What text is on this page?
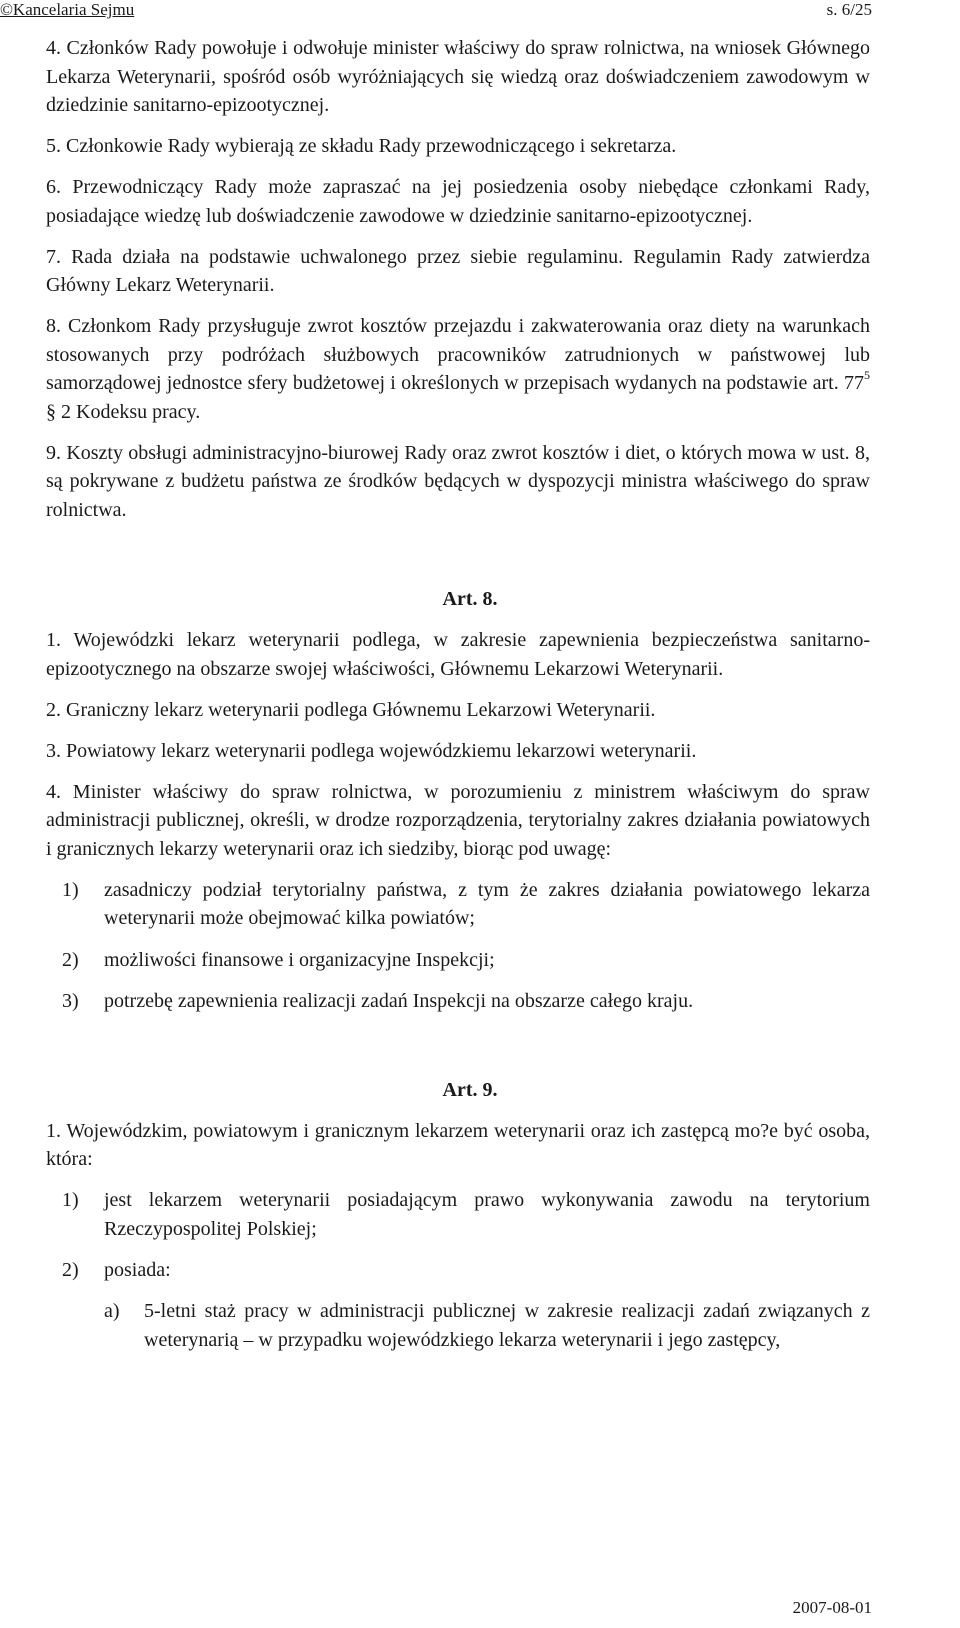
©Kancelaria Sejmu	s. 6/25

4. Członków Rady powołuje i odwołuje minister właściwy do spraw rolnictwa, na wniosek Głównego Lekarza Weterynarii, spośród osób wyróżniających się wiedzą oraz doświadczeniem zawodowym w dziedzinie sanitarno-epizootycznej.

5. Członkowie Rady wybierają ze składu Rady przewodniczącego i sekretarza.

6. Przewodniczący Rady może zapraszać na jej posiedzenia osoby niebędące członkami Rady, posiadające wiedzę lub doświadczenie zawodowe w dziedzinie sanitarno-epizootycznej.

7. Rada działa na podstawie uchwalonego przez siebie regulaminu. Regulamin Rady zatwierdza Główny Lekarz Weterynarii.

8. Członkom Rady przysługuje zwrot kosztów przejazdu i zakwaterowania oraz diety na warunkach stosowanych przy podróżach służbowych pracowników zatrudnionych w państwowej lub samorządowej jednostce sfery budżetowej i określonych w przepisach wydanych na podstawie art. $77^5$ § 2 Kodeksu pracy.

9. Koszty obsługi administracyjno-biurowej Rady oraz zwrot kosztów i diet, o których mowa w ust. 8, są pokrywane z budżetu państwa ze środków będących w dyspozycji ministra właściwego do spraw rolnictwa.

Art. 8.

1. Wojewódzki lekarz weterynarii podlega, w zakresie zapewnienia bezpieczeństwa sanitarno-epizootycznego na obszarze swojej właściwości, Głównemu Lekarzowi Weterynarii.

2. Graniczny lekarz weterynarii podlega Głównemu Lekarzowi Weterynarii.

3. Powiatowy lekarz weterynarii podlega wojewódzkiemu lekarzowi weterynarii.

4. Minister właściwy do spraw rolnictwa, w porozumieniu z ministrem właściwym do spraw administracji publicznej, określi, w drodze rozporządzenia, terytorialny zakres działania powiatowych i granicznych lekarzy weterynarii oraz ich siedziby, biorąc pod uwagę:

1) zasadniczy podział terytorialny państwa, z tym że zakres działania powiatowego lekarza weterynarii może obejmować kilka powiatów;
2) możliwości finansowe i organizacyjne Inspekcji;
3) potrzebę zapewnienia realizacji zadań Inspekcji na obszarze całego kraju.
Art. 9.

1. Wojewódzkim, powiatowym i granicznym lekarzem weterynarii oraz ich zastępcą mo?e być osoba, która:

1) jest lekarzem weterynarii posiadającym prawo wykonywania zawodu na terytorium Rzeczypospolitej Polskiej;
2) posiada:
a) 5-letni staż pracy w administracji publicznej w zakresie realizacji zadań związanych z weterynarią – w przypadku wojewódzkiego lekarza weterynarii i jego zastępcy,
2007-08-01
